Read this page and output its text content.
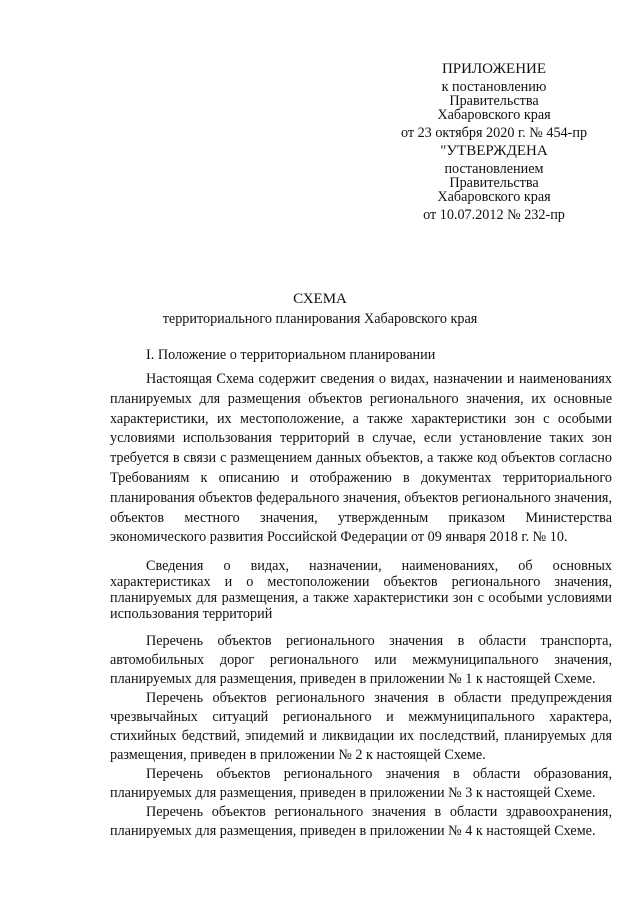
ПРИЛОЖЕНИЕ
к постановлению
Правительства
Хабаровского края
от 23 октября 2020 г. № 454-пр
"УТВЕРЖДЕНА
постановлением
Правительства
Хабаровского края
от 10.07.2012 № 232-пр
СХЕМА
территориального планирования Хабаровского края

I. Положение о территориальном планировании

Настоящая Схема содержит сведения о видах, назначении и наименованиях планируемых для размещения объектов регионального значения, их основные характеристики, их местоположение, а также характеристики зон с особыми условиями использования территорий в случае, если установление таких зон требуется в связи с размещением данных объектов, а также код объектов согласно Требованиям к описанию и отображению в документах территориального планирования объектов федерального значения, объектов регионального значения, объектов местного значения, утвержденным приказом Министерства экономического развития Российской Федерации от 09 января 2018 г. № 10.

Сведения о видах, назначении, наименованиях, об основных характеристиках и о местоположении объектов регионального значения, планируемых для размещения, а также характеристики зон с особыми условиями использования территорий

Перечень объектов регионального значения в области транспорта, автомобильных дорог регионального или межмуниципального значения, планируемых для размещения, приведен в приложении № 1 к настоящей Схеме.

Перечень объектов регионального значения в области предупреждения чрезвычайных ситуаций регионального и межмуниципального характера, стихийных бедствий, эпидемий и ликвидации их последствий, планируемых для размещения, приведен в приложении № 2 к настоящей Схеме.

Перечень объектов регионального значения в области образования, планируемых для размещения, приведен в приложении № 3 к настоящей Схеме.

Перечень объектов регионального значения в области здравоохранения, планируемых для размещения, приведен в приложении № 4 к настоящей Схеме.
